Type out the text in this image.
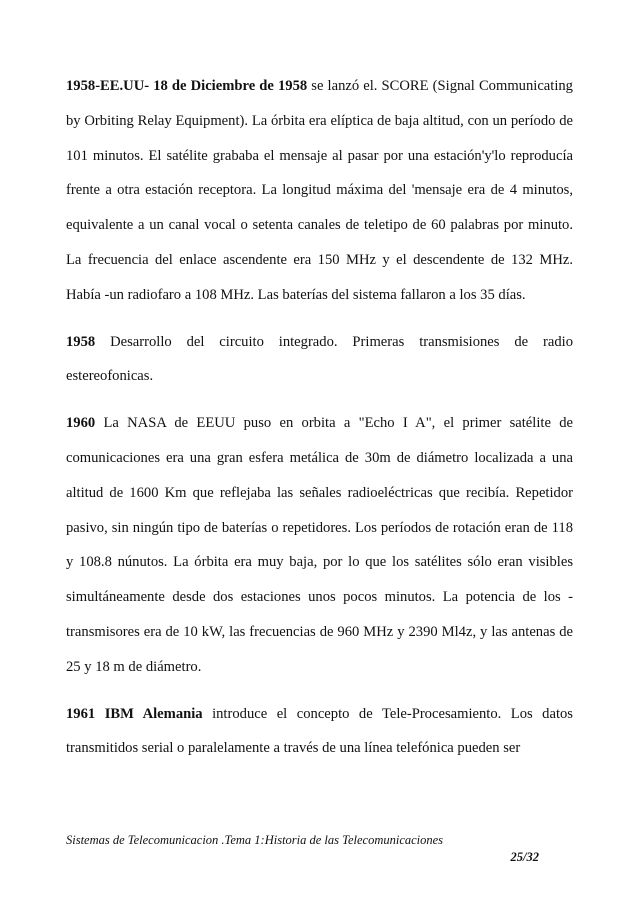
1958-EE.UU- 18 de Diciembre de 1958 se lanzó el. SCORE (Signal Communicating by Orbiting Relay Equipment). La órbita era elíptica de baja altitud, con un período de 101 minutos. El satélite grababa el mensaje al pasar por una estación'y'lo reproducía frente a otra estación receptora. La longitud máxima del 'mensaje era de 4 minutos, equivalente a un canal vocal o setenta canales de teletipo de 60 palabras por minuto. La frecuencia del enlace ascendente era 150 MHz y el descendente de 132 MHz. Había -un radiofaro a 108 MHz. Las baterías del sistema fallaron a los 35 días.

1958 Desarrollo del circuito integrado. Primeras transmisiones de radio estereofonicas.

1960 La NASA de EEUU puso en orbita a "Echo I A", el primer satélite de comunicaciones era una gran esfera metálica de 30m de diámetro localizada a una altitud de 1600 Km que reflejaba las señales radioeléctricas que recibía. Repetidor pasivo, sin ningún tipo de baterías o repetidores. Los períodos de rotación eran de 118 y 108.8 núnutos. La órbita era muy baja, por lo que los satélites sólo eran visibles simultáneamente desde dos estaciones unos pocos minutos. La potencia de los -transmisores era de 10 kW, las frecuencias de 960 MHz y 2390 Ml4z, y las antenas de 25 y 18 m de diámetro.

1961 IBM Alemania introduce el concepto de Tele-Procesamiento. Los datos transmitidos serial o paralelamente a través de una línea telefónica pueden ser

Sistemas de Telecomunicacion .Tema 1:Historia de las Telecomunicaciones
25/32
